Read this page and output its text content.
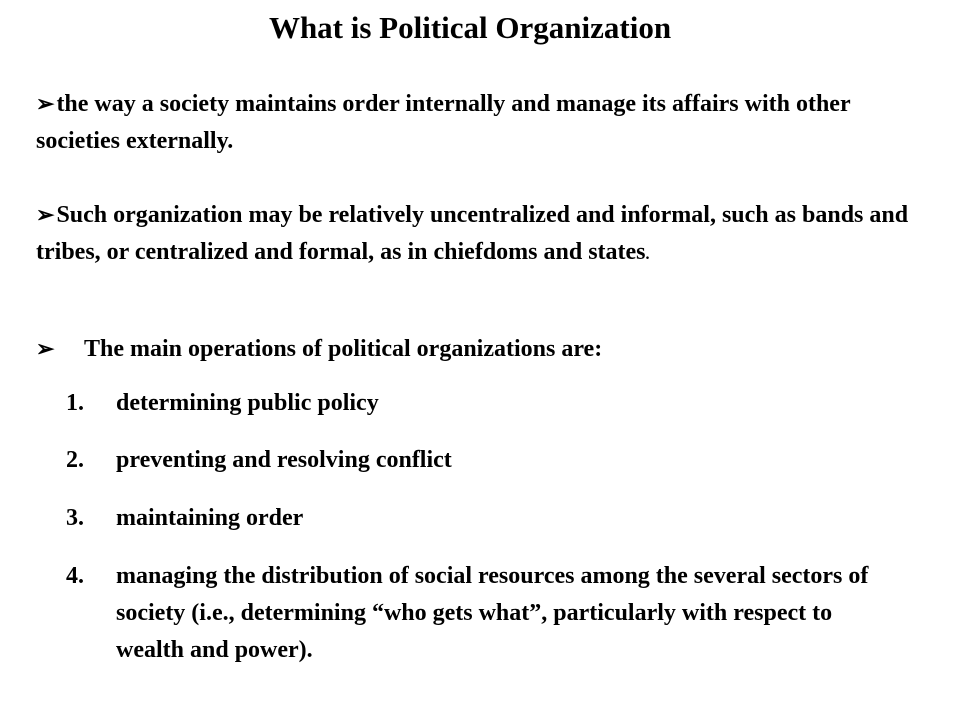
What is Political Organization
➢the way a society maintains order internally and manage its affairs with other societies externally.
➢Such organization may be relatively uncentralized and informal, such as bands and tribes, or centralized and formal, as in chiefdoms and states.
➢ The main operations of political organizations are:
1.	determining public policy
2.	preventing and resolving conflict
3.	maintaining order
4.	managing the distribution of social resources among the several sectors of society (i.e., determining “who gets what”, particularly with respect to wealth and power).
